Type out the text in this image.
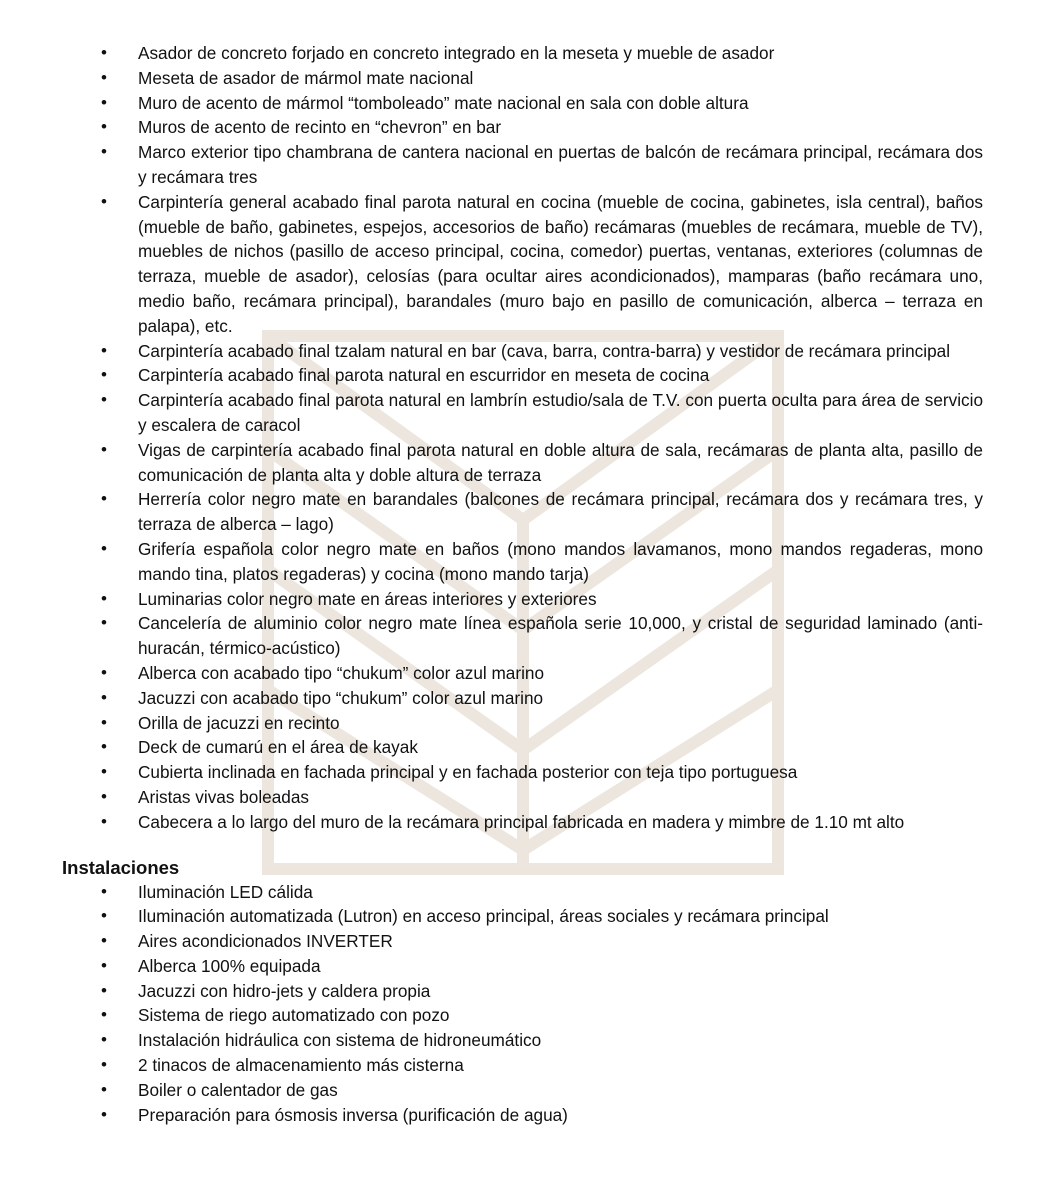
• Asador de concreto forjado en concreto integrado en la meseta y mueble de asador
• Meseta de asador de mármol mate nacional
• Muro de acento de mármol “tomboleado” mate nacional en sala con doble altura
• Muros de acento de recinto en “chevron” en bar
• Marco exterior tipo chambrana de cantera nacional en puertas de balcón de recámara principal, recámara dos y recámara tres
• Carpintería general acabado final parota natural en cocina (mueble de cocina, gabinetes, isla central), baños (mueble de baño, gabinetes, espejos, accesorios de baño) recámaras (muebles de recámara, mueble de TV), muebles de nichos (pasillo de acceso principal, cocina, comedor) puertas, ventanas, exteriores (columnas de terraza, mueble de asador), celosías (para ocultar aires acondicionados), mamparas (baño recámara uno, medio baño, recámara principal), barandales (muro bajo en pasillo de comunicación, alberca – terraza en palapa), etc.
• Carpintería acabado final tzalam natural en bar (cava, barra, contra-barra) y vestidor de recámara principal
• Carpintería acabado final parota natural en escurridor en meseta de cocina
• Carpintería acabado final parota natural en lambrín estudio/sala de T.V. con puerta oculta para área de servicio y escalera de caracol
• Vigas de carpintería acabado final parota natural en doble altura de sala, recámaras de planta alta, pasillo de comunicación de planta alta y doble altura de terraza
• Herrería color negro mate en barandales (balcones de recámara principal, recámara dos y recámara tres, y terraza de alberca – lago)
• Grifería española color negro mate en baños (mono mandos lavamanos, mono mandos regaderas, mono mando tina, platos regaderas) y cocina (mono mando tarja)
• Luminarias color negro mate en áreas interiores y exteriores
• Cancelería de aluminio color negro mate línea española serie 10,000, y cristal de seguridad laminado (anti-huracán, térmico-acústico)
• Alberca con acabado tipo “chukum” color azul marino
• Jacuzzi con acabado tipo “chukum” color azul marino
• Orilla de jacuzzi en recinto
• Deck de cumarú en el área de kayak
• Cubierta inclinada en fachada principal y en fachada posterior con teja tipo portuguesa
• Aristas vivas boleadas
• Cabecera a lo largo del muro de la recámara principal fabricada en madera y mimbre de 1.10 mt alto
Instalaciones
• Iluminación LED cálida
• Iluminación automatizada (Lutron) en acceso principal, áreas sociales y recámara principal
• Aires acondicionados INVERTER
• Alberca 100% equipada
• Jacuzzi con hidro-jets y caldera propia
• Sistema de riego automatizado con pozo
• Instalación hidráulica con sistema de hidroneumático
• 2 tinacos de almacenamiento más cisterna
• Boiler o calentador de gas
• Preparación para ósmosis inversa (purificación de agua)
